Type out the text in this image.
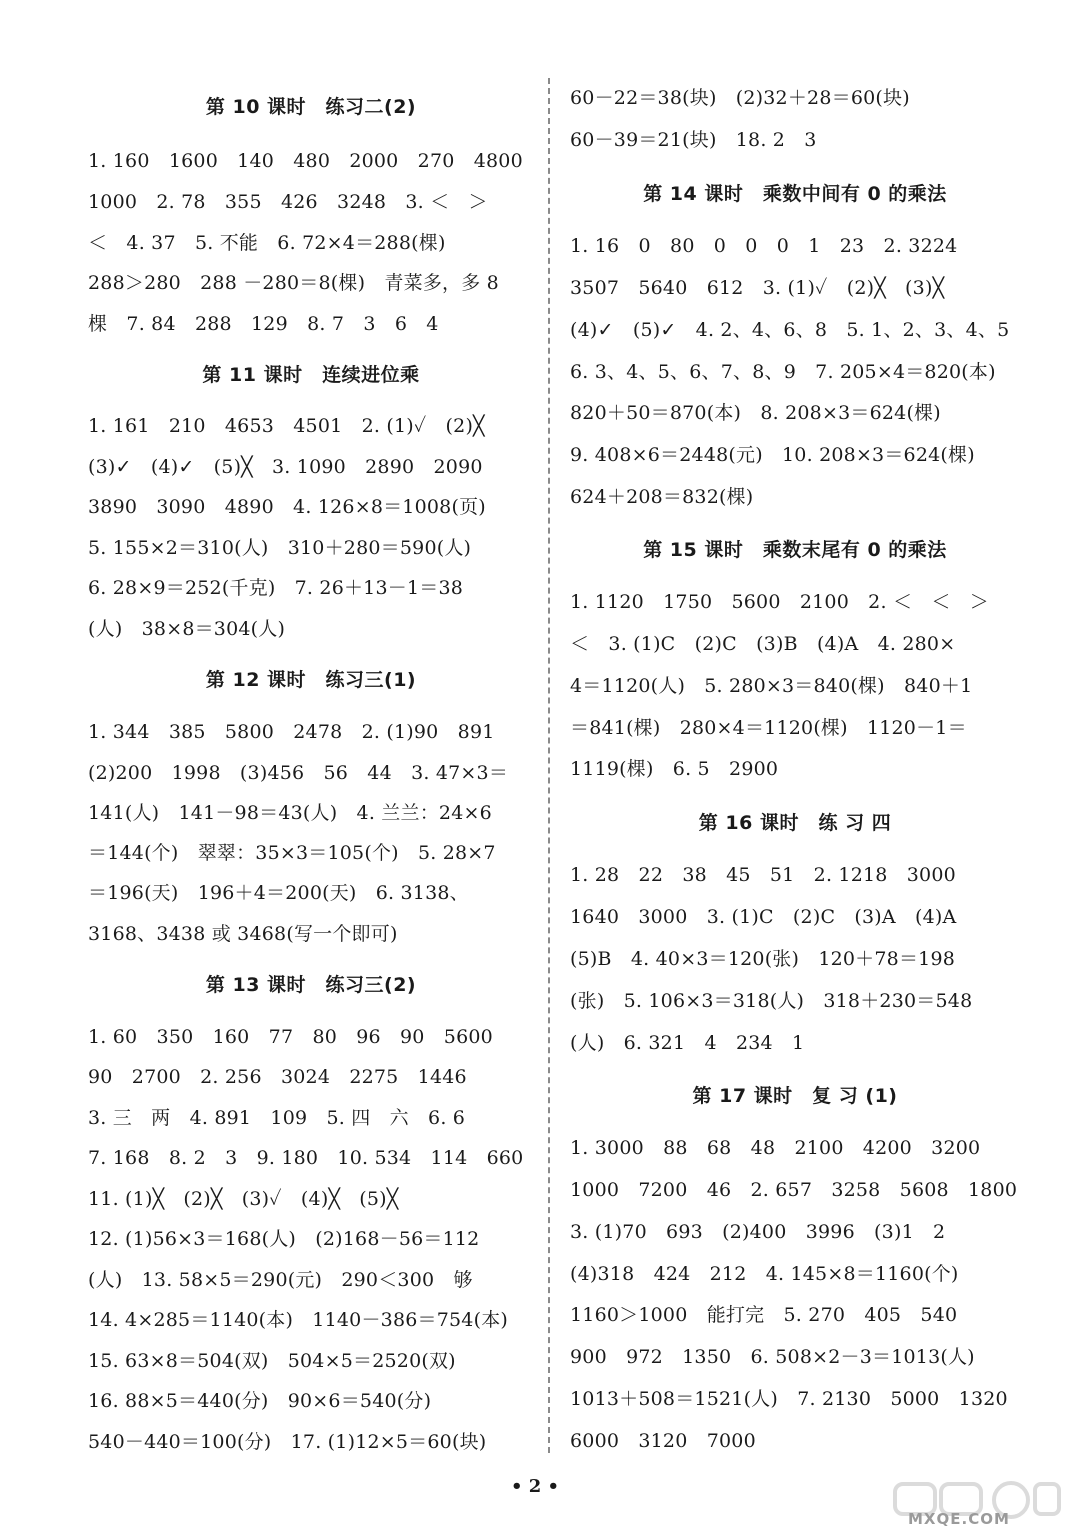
第 10 课时　练习二(2)
1. 160　1600　140　480　2000　270　4800
1000　2. 78　355　426　3248　3. ＜　＞
＜　4. 37　5. 不能　6. 72×4＝288(棵)
288＞280　288 －280＝8(棵)　青菜多，多 8
棵　7. 84　288　129　8. 7　3　6　4
第 11 课时　连续进位乘
1. 161　210　4653　4501　2. (1)✓　(2)╳
(3)✓　(4)✓　(5)╳　3. 1090　2890　2090
3890　3090　4890　4. 126×8＝1008(页)
5. 155×2＝310(人)　310＋280＝590(人)
6. 28×9＝252(千克)　7. 26＋13－1＝38
(人)　38×8＝304(人)
第 12 课时　练习三(1)
1. 344　385　5800　2478　2. (1)90　891
(2)200　1998　(3)456　56　44　3. 47×3＝
141(人)　141－98＝43(人)　4. 兰兰：24×6
＝144(个)　翠翠：35×3＝105(个)　5. 28×7
＝196(天)　196＋4＝200(天)　6. 3138、
3168、3438 或 3468(写一个即可)
第 13 课时　练习三(2)
1. 60　350　160　77　80　96　90　5600
90　2700　2. 256　3024　2275　1446
3. 三　两　4. 891　109　5. 四　六　6. 6
7. 168　8. 2　3　9. 180　10. 534　114　660
11. (1)╳　(2)╳　(3)✓　(4)╳　(5)╳
12. (1)56×3＝168(人)　(2)168－56＝112
(人)　13. 58×5＝290(元)　290＜300　够
14. 4×285＝1140(本)　1140－386＝754(本)
15. 63×8＝504(双)　504×5＝2520(双)
16. 88×5＝440(分)　90×6＝540(分)
540－440＝100(分)　17. (1)12×5＝60(块)
60－22＝38(块)　(2)32＋28＝60(块)
60－39＝21(块)　18. 2　3
第 14 课时　乘数中间有 0 的乘法
1. 16　0　80　0　0　0　1　23　2. 3224
3507　5640　612　3. (1)✓　(2)╳　(3)╳
(4)✓　(5)✓　4. 2、4、6、8　5. 1、2、3、4、5
6. 3、4、5、6、7、8、9　7. 205×4＝820(本)
820＋50＝870(本)　8. 208×3＝624(棵)
9. 408×6＝2448(元)　10. 208×3＝624(棵)
624＋208＝832(棵)
第 15 课时　乘数末尾有 0 的乘法
1. 1120　1750　5600　2100　2. ＜　＜　＞
＜　3. (1)C　(2)C　(3)B　(4)A　4. 280×
4＝1120(人)　5. 280×3＝840(棵)　840＋1
＝841(棵)　280×4＝1120(棵)　1120－1＝
1119(棵)　6. 5　2900
第 16 课时　练 习 四
1. 28　22　38　45　51　2. 1218　3000
1640　3000　3. (1)C　(2)C　(3)A　(4)A
(5)B　4. 40×3＝120(张)　120＋78＝198
(张)　5. 106×3＝318(人)　318＋230＝548
(人)　6. 321　4　234　1
第 17 课时　复 习 (1)
1. 3000　88　68　48　2100　4200　3200
1000　7200　46　2. 657　3258　5608　1800
3. (1)70　693　(2)400　3996　(3)1　2
(4)318　424　212　4. 145×8＝1160(个)
1160＞1000　能打完　5. 270　405　540
900　972　1350　6. 508×2－3＝1013(人)
1013＋508＝1521(人)　7. 2130　5000　1320
6000　3120　7000
• 2 •
MXQE.COM
